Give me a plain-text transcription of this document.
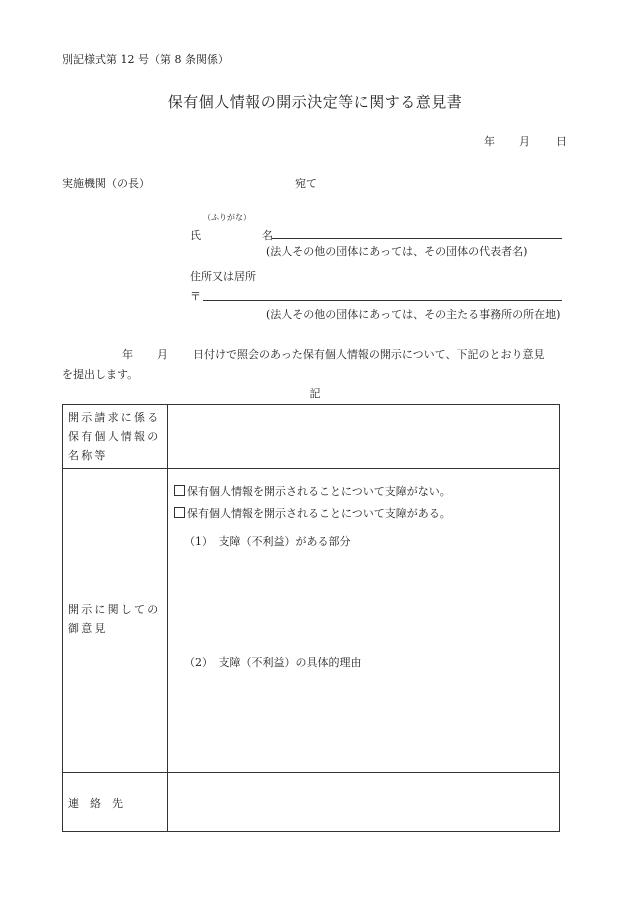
別記様式第 12 号（第 8 条関係）
保有個人情報の開示決定等に関する意見書
年 月 日
実施機関（の長）	宛て
（ふりがな）
氏	名
(法人その他の団体にあっては、その団体の代表者名)
住所又は居所
〒
(法人その他の団体にあっては、その主たる事務所の所在地)
年 月 日付けで照会のあった保有個人情報の開示について、下記のとおり意見
を提出します。
記
開示請求に係る
保有個人情報の
名称等
開示に関しての
御意見
保有個人情報を開示されることについて支障がない。
保有個人情報を開示されることについて支障がある。
（1）　支障（不利益）がある部分
（2）　支障（不利益）の具体的理由
連　絡　先
